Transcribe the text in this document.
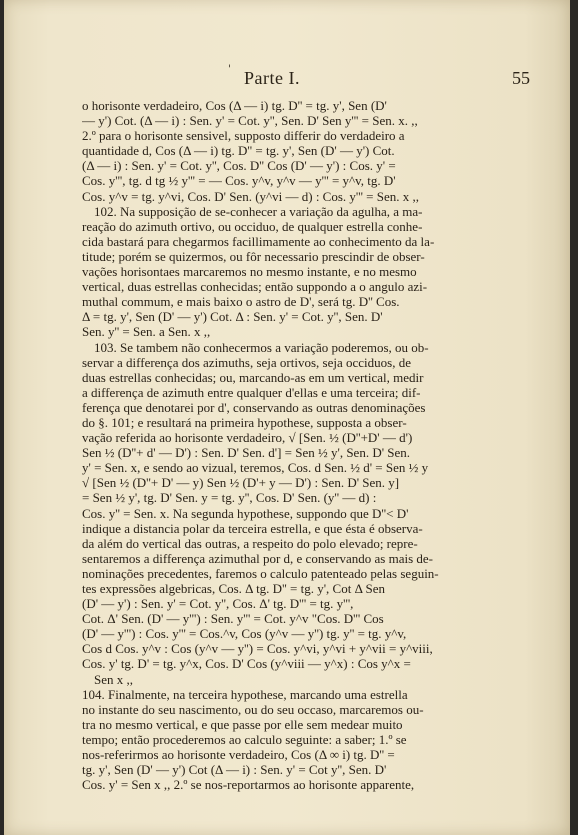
' Parte I.	55
o horisonte verdadeiro, Cos (Δ — i) tg. D'' = tg. y', Sen (D'
— y') Cot. (Δ — i) : Sen. y' = Cot. y'', Sen. D' Sen y''' = Sen. x. ,,
2.º para o horisonte sensivel, supposto differir do verdadeiro a
quantidade d, Cos (Δ — i) tg. D'' = tg. y', Sen (D' — y') Cot.
(Δ — i) : Sen. y' = Cot. y'', Cos. D'' Cos (D' — y') : Cos. y' =
Cos. y''', tg. d tg ½ y''' = — Cos. y^v, y^v — y''' = y^v, tg. D'
Cos. y^v = tg. y^vi, Cos. D' Sen. (y^vi — d) : Cos. y''' = Sen. x ,,
102. Na supposição de se-conhecer a variação da agulha, a ma-
reação do azimuth ortivo, ou occiduo, de qualquer estrella conhe-
cida bastará para chegarmos facillimamente ao conhecimento da la-
titude; porém se quizermos, ou fôr necessario prescindir de obser-
vações horisontaes marcaremos no mesmo instante, e no mesmo
vertical, duas estrellas conhecidas; então suppondo a o angulo azi-
muthal commum, e mais baixo o astro de D', será tg. D'' Cos.
Δ = tg. y', Sen (D' — y') Cot. Δ : Sen. y' = Cot. y'', Sen. D'
Sen. y'' = Sen. a Sen. x ,,
103. Se tambem não conhecermos a variação poderemos, ou ob-
servar a differença dos azimuths, seja ortivos, seja occiduos, de
duas estrellas conhecidas; ou, marcando-as em um vertical, medir
a differença de azimuth entre qualquer d'ellas e uma terceira; dif-
ferença que denotarei por d', conservando as outras denominações
do §. 101; e resultará na primeira hypothese, supposta a obser-
vação referida ao horisonte verdadeiro, √ [Sen. ½ (D''+D' — d')
Sen ½ (D''+ d' — D') : Sen. D' Sen. d'] = Sen ½ y', Sen. D' Sen.
y' = Sen. x, e sendo ao vizual, teremos, Cos. d Sen. ½ d' = Sen ½ y
√ [Sen ½ (D''+ D' — y) Sen ½ (D'+ y — D') : Sen. D' Sen. y]
= Sen ½ y', tg. D' Sen. y = tg. y'', Cos. D' Sen. (y'' — d) :
Cos. y'' = Sen. x. Na segunda hypothese, suppondo que D''< D'
indique a distancia polar da terceira estrella, e que ésta é observa-
da além do vertical das outras, a respeito do polo elevado; repre-
sentaremos a differença azimuthal por d, e conservando as mais de-
nominações precedentes, faremos o calculo patenteado pelas seguin-
tes expressões algebricas, Cos. Δ tg. D'' = tg. y', Cot Δ Sen
(D' — y') : Sen. y' = Cot. y'', Cos. Δ' tg. D''' = tg. y''',
Cot. Δ' Sen. (D' — y''') : Sen. y''' = Cot. y^v "Cos. D''' Cos
(D' — y''') : Cos. y''' = Cos.^v, Cos (y^v — y'') tg. y'' = tg. y^v,
Cos d Cos. y^v : Cos (y^v — y'') = Cos. y^vi, y^vi + y^vii = y^viii,
Cos. y' tg. D' = tg. y^x, Cos. D' Cos (y^viii — y^x) : Cos y^x =
Sen x ,,
104. Finalmente, na terceira hypothese, marcando uma estrella
no instante do seu nascimento, ou do seu occaso, marcaremos ou-
tra no mesmo vertical, e que passe por elle sem medear muito
tempo; então procederemos ao calculo seguinte: a saber; 1.º se
nos-referirmos ao horisonte verdadeiro, Cos (Δ ∞ i) tg. D'' =
tg. y', Sen (D' — y') Cot (Δ — i) : Sen. y' = Cot y'', Sen. D'
Cos. y' = Sen x ,, 2.º se nos-reportarmos ao horisonte apparente,
